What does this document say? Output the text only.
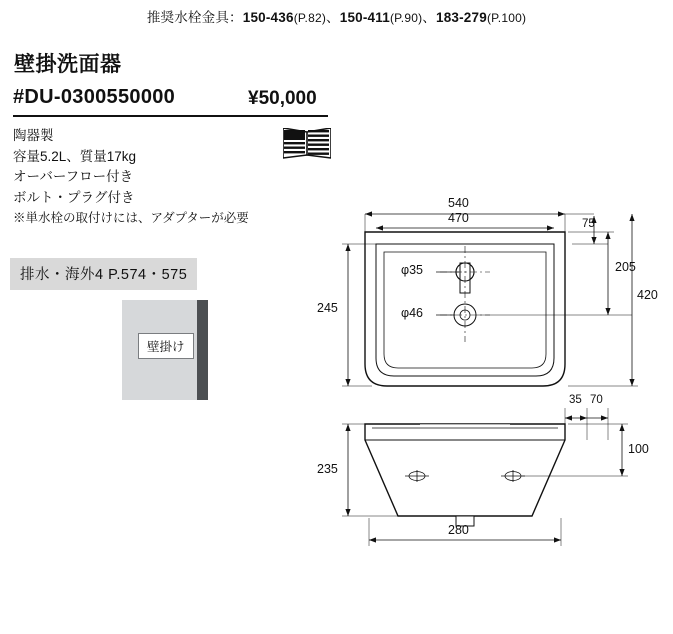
推奨水栓金具：150-436(P.82)、150-411(P.90)、183-279(P.100)
壁掛洗面器
#DU-0300550000	¥50,000
陶器製
容量5.2L、質量17kg
オーバーフロー付き
ボルト・プラグ付き
※単水栓の取付けには、アダプターが必要
排水・海外4 P.574・575
壁掛け
540
470	75
205
420
245
φ35
φ46
35 70
100
235
280
